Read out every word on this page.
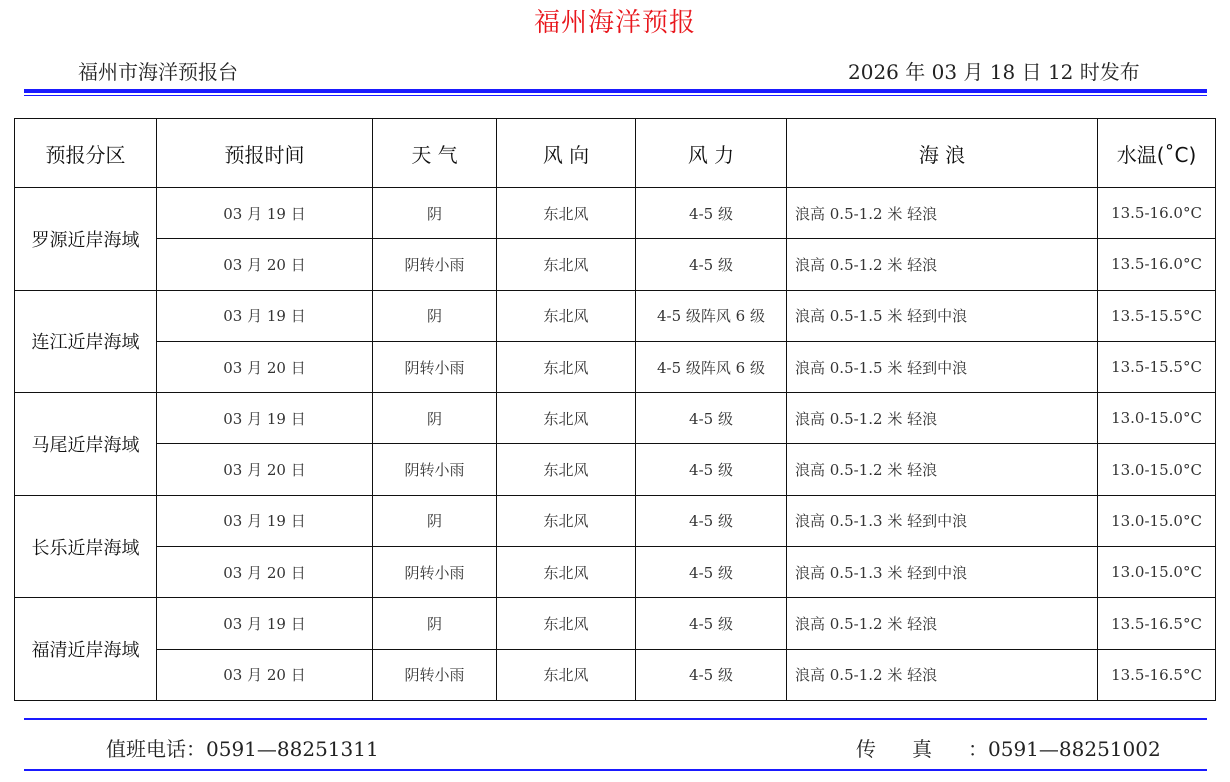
福州海洋预报
福州市海洋预报台	2026 年 03 月 18 日 12 时发布
预报分区	预报时间	天 气	风 向	风 力	海 浪	水温(˚C)
罗源近岸海域	03 月 19 日	阴	东北风	4-5 级	浪高 0.5-1.2 米 轻浪	13.5-16.0°C
	03 月 20 日	阴转小雨	东北风	4-5 级	浪高 0.5-1.2 米 轻浪	13.5-16.0°C
连江近岸海域	03 月 19 日	阴	东北风	4-5 级阵风 6 级	浪高 0.5-1.5 米 轻到中浪	13.5-15.5°C
	03 月 20 日	阴转小雨	东北风	4-5 级阵风 6 级	浪高 0.5-1.5 米 轻到中浪	13.5-15.5°C
马尾近岸海域	03 月 19 日	阴	东北风	4-5 级	浪高 0.5-1.2 米 轻浪	13.0-15.0°C
	03 月 20 日	阴转小雨	东北风	4-5 级	浪高 0.5-1.2 米 轻浪	13.0-15.0°C
长乐近岸海域	03 月 19 日	阴	东北风	4-5 级	浪高 0.5-1.3 米 轻到中浪	13.0-15.0°C
	03 月 20 日	阴转小雨	东北风	4-5 级	浪高 0.5-1.3 米 轻到中浪	13.0-15.0°C
福清近岸海域	03 月 19 日	阴	东北风	4-5 级	浪高 0.5-1.2 米 轻浪	13.5-16.5°C
	03 月 20 日	阴转小雨	东北风	4-5 级	浪高 0.5-1.2 米 轻浪	13.5-16.5°C
值班电话：0591—88251311	传真：0591—88251002
